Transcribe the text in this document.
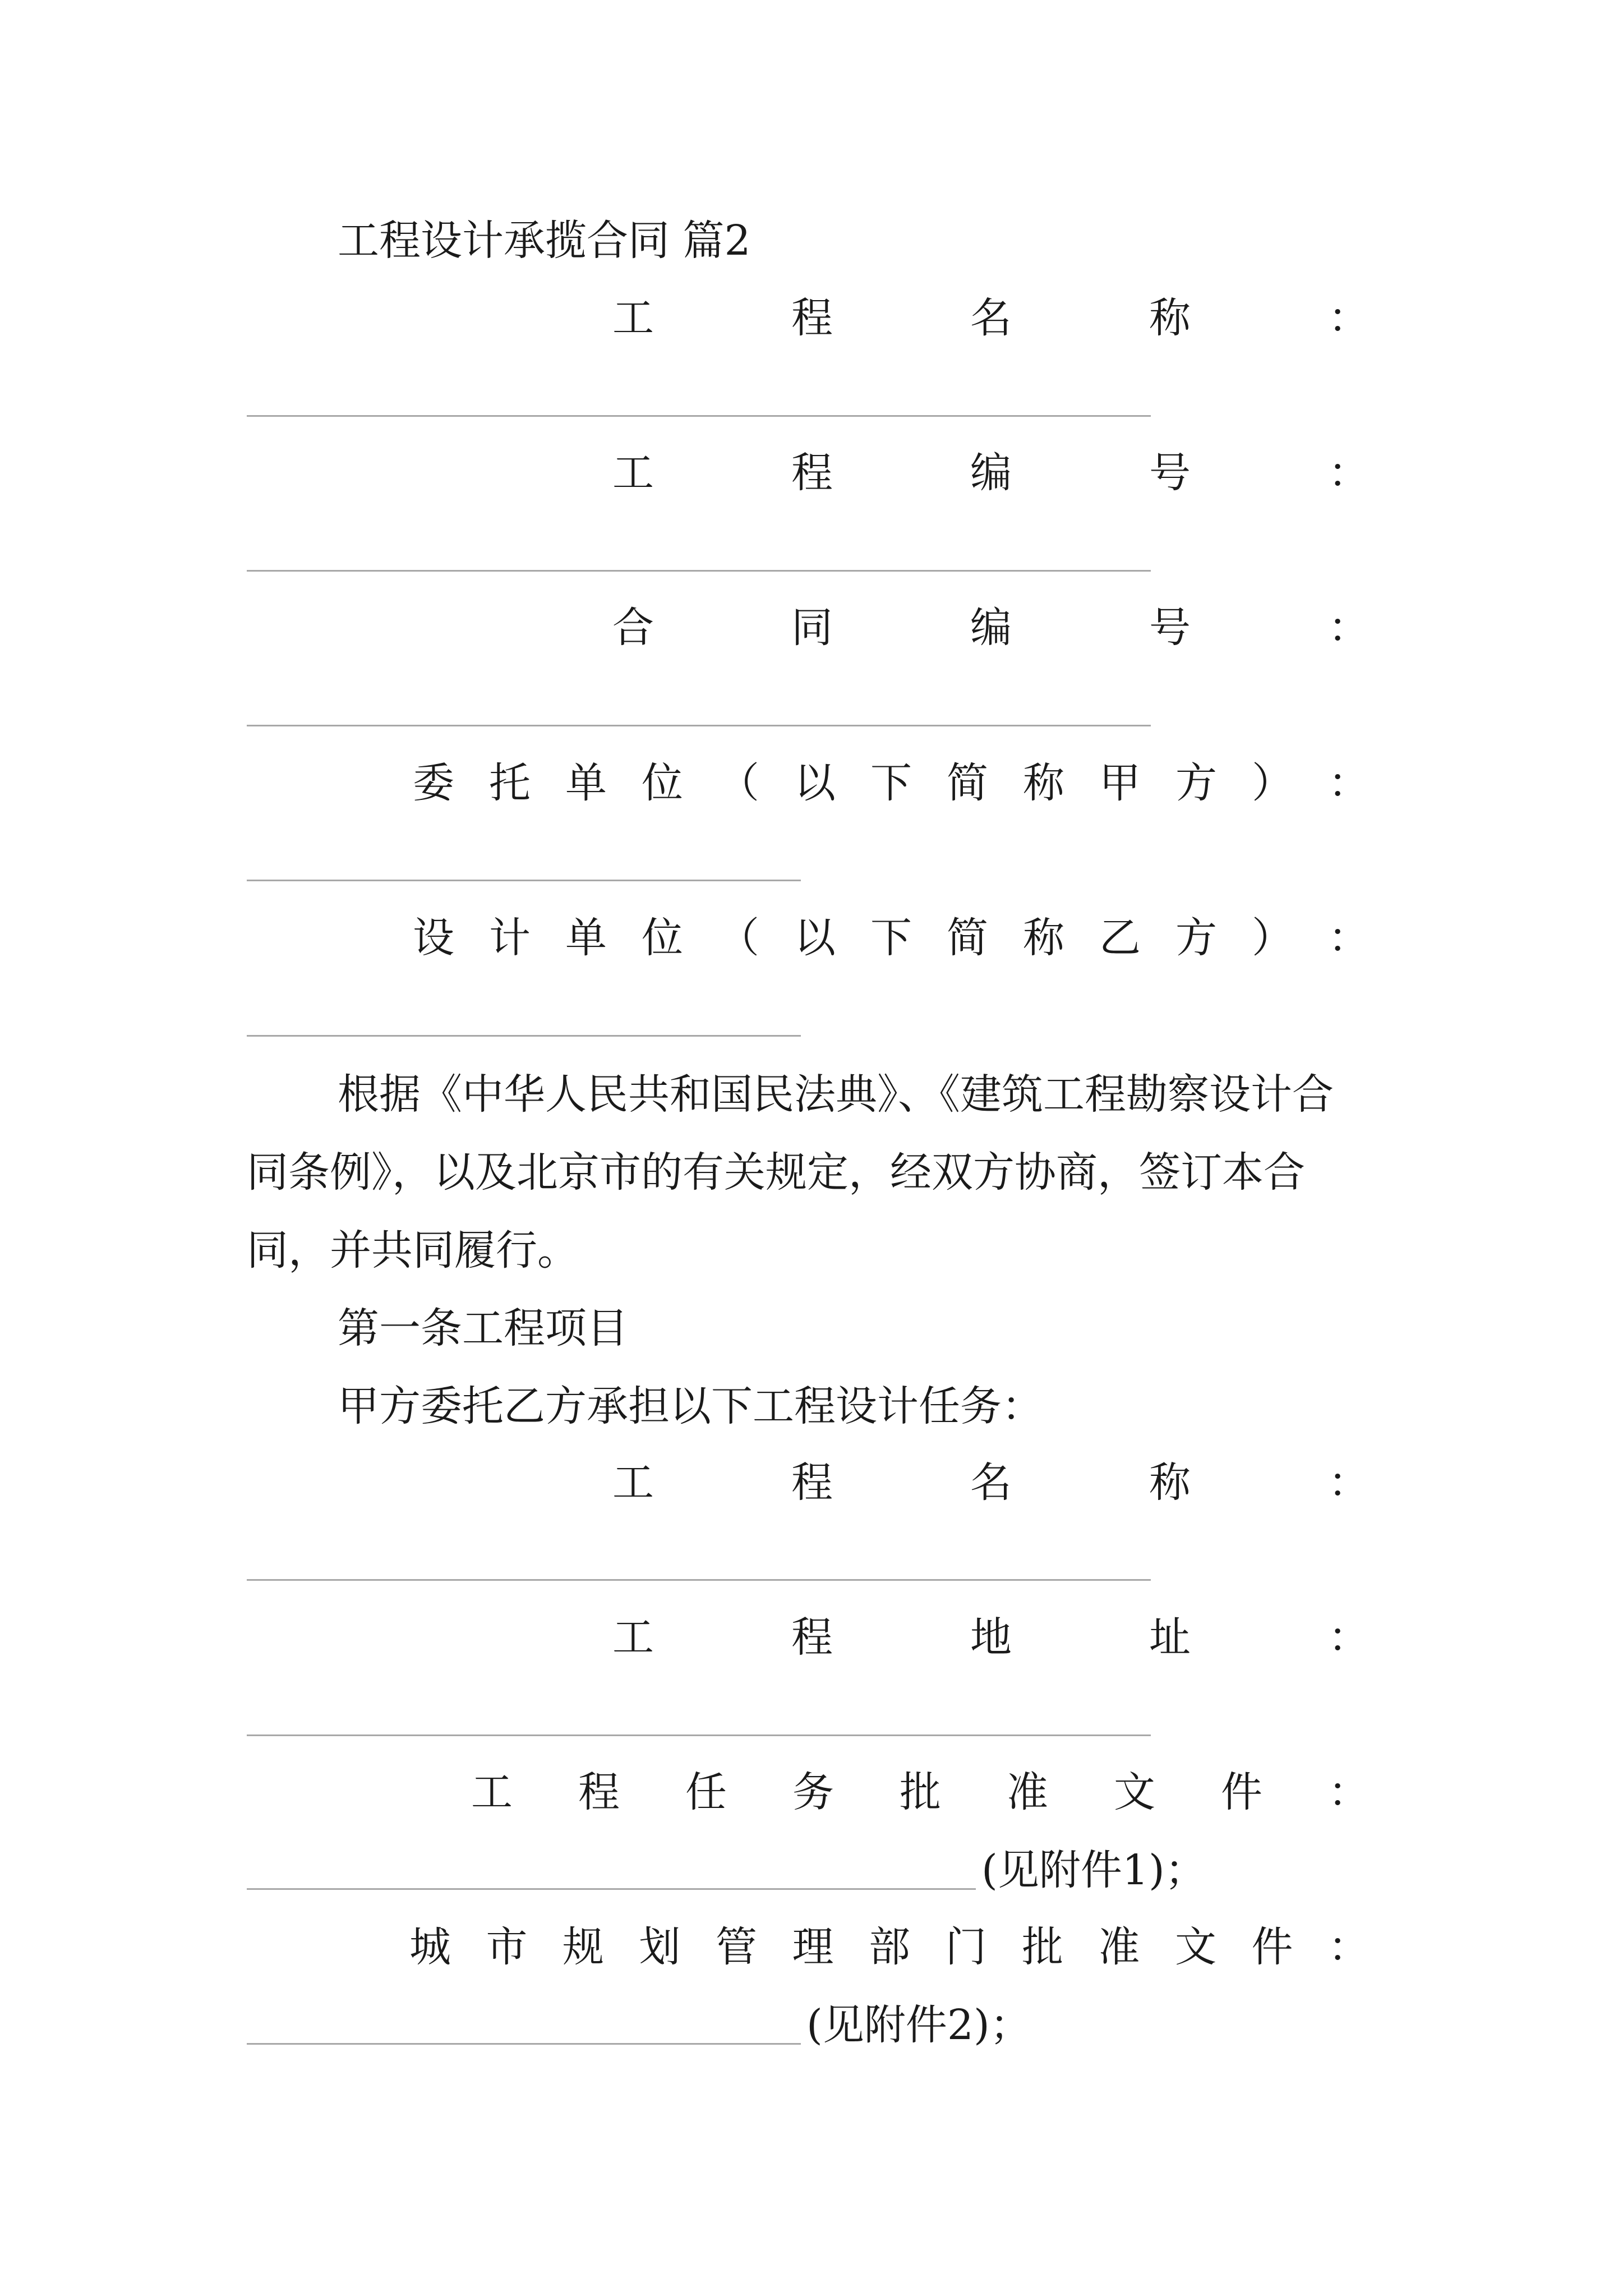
工程设计承揽合同 篇2
工	程	名	称	：
工	程	编	号	：
合	同	编	号	：
委 托 单 位 （ 以 下 简 称 甲 方 ） ：
设 计 单 位 （ 以 下 简 称 乙 方 ） ：
根据《中华人民共和国民法典》、《建筑工程勘察设计合
同条例》，以及北京市的有关规定，经双方协商，签订本合
同，并共同履行。
第一条工程项目
甲方委托乙方承担以下工程设计任务：
工	程	名	称	：
工	程	地	址	：
工 程 任 务 批 准 文 件 ：
(见附件1)；
城 市 规 划 管 理 部 门 批 准 文 件 ：
(见附件2)；
